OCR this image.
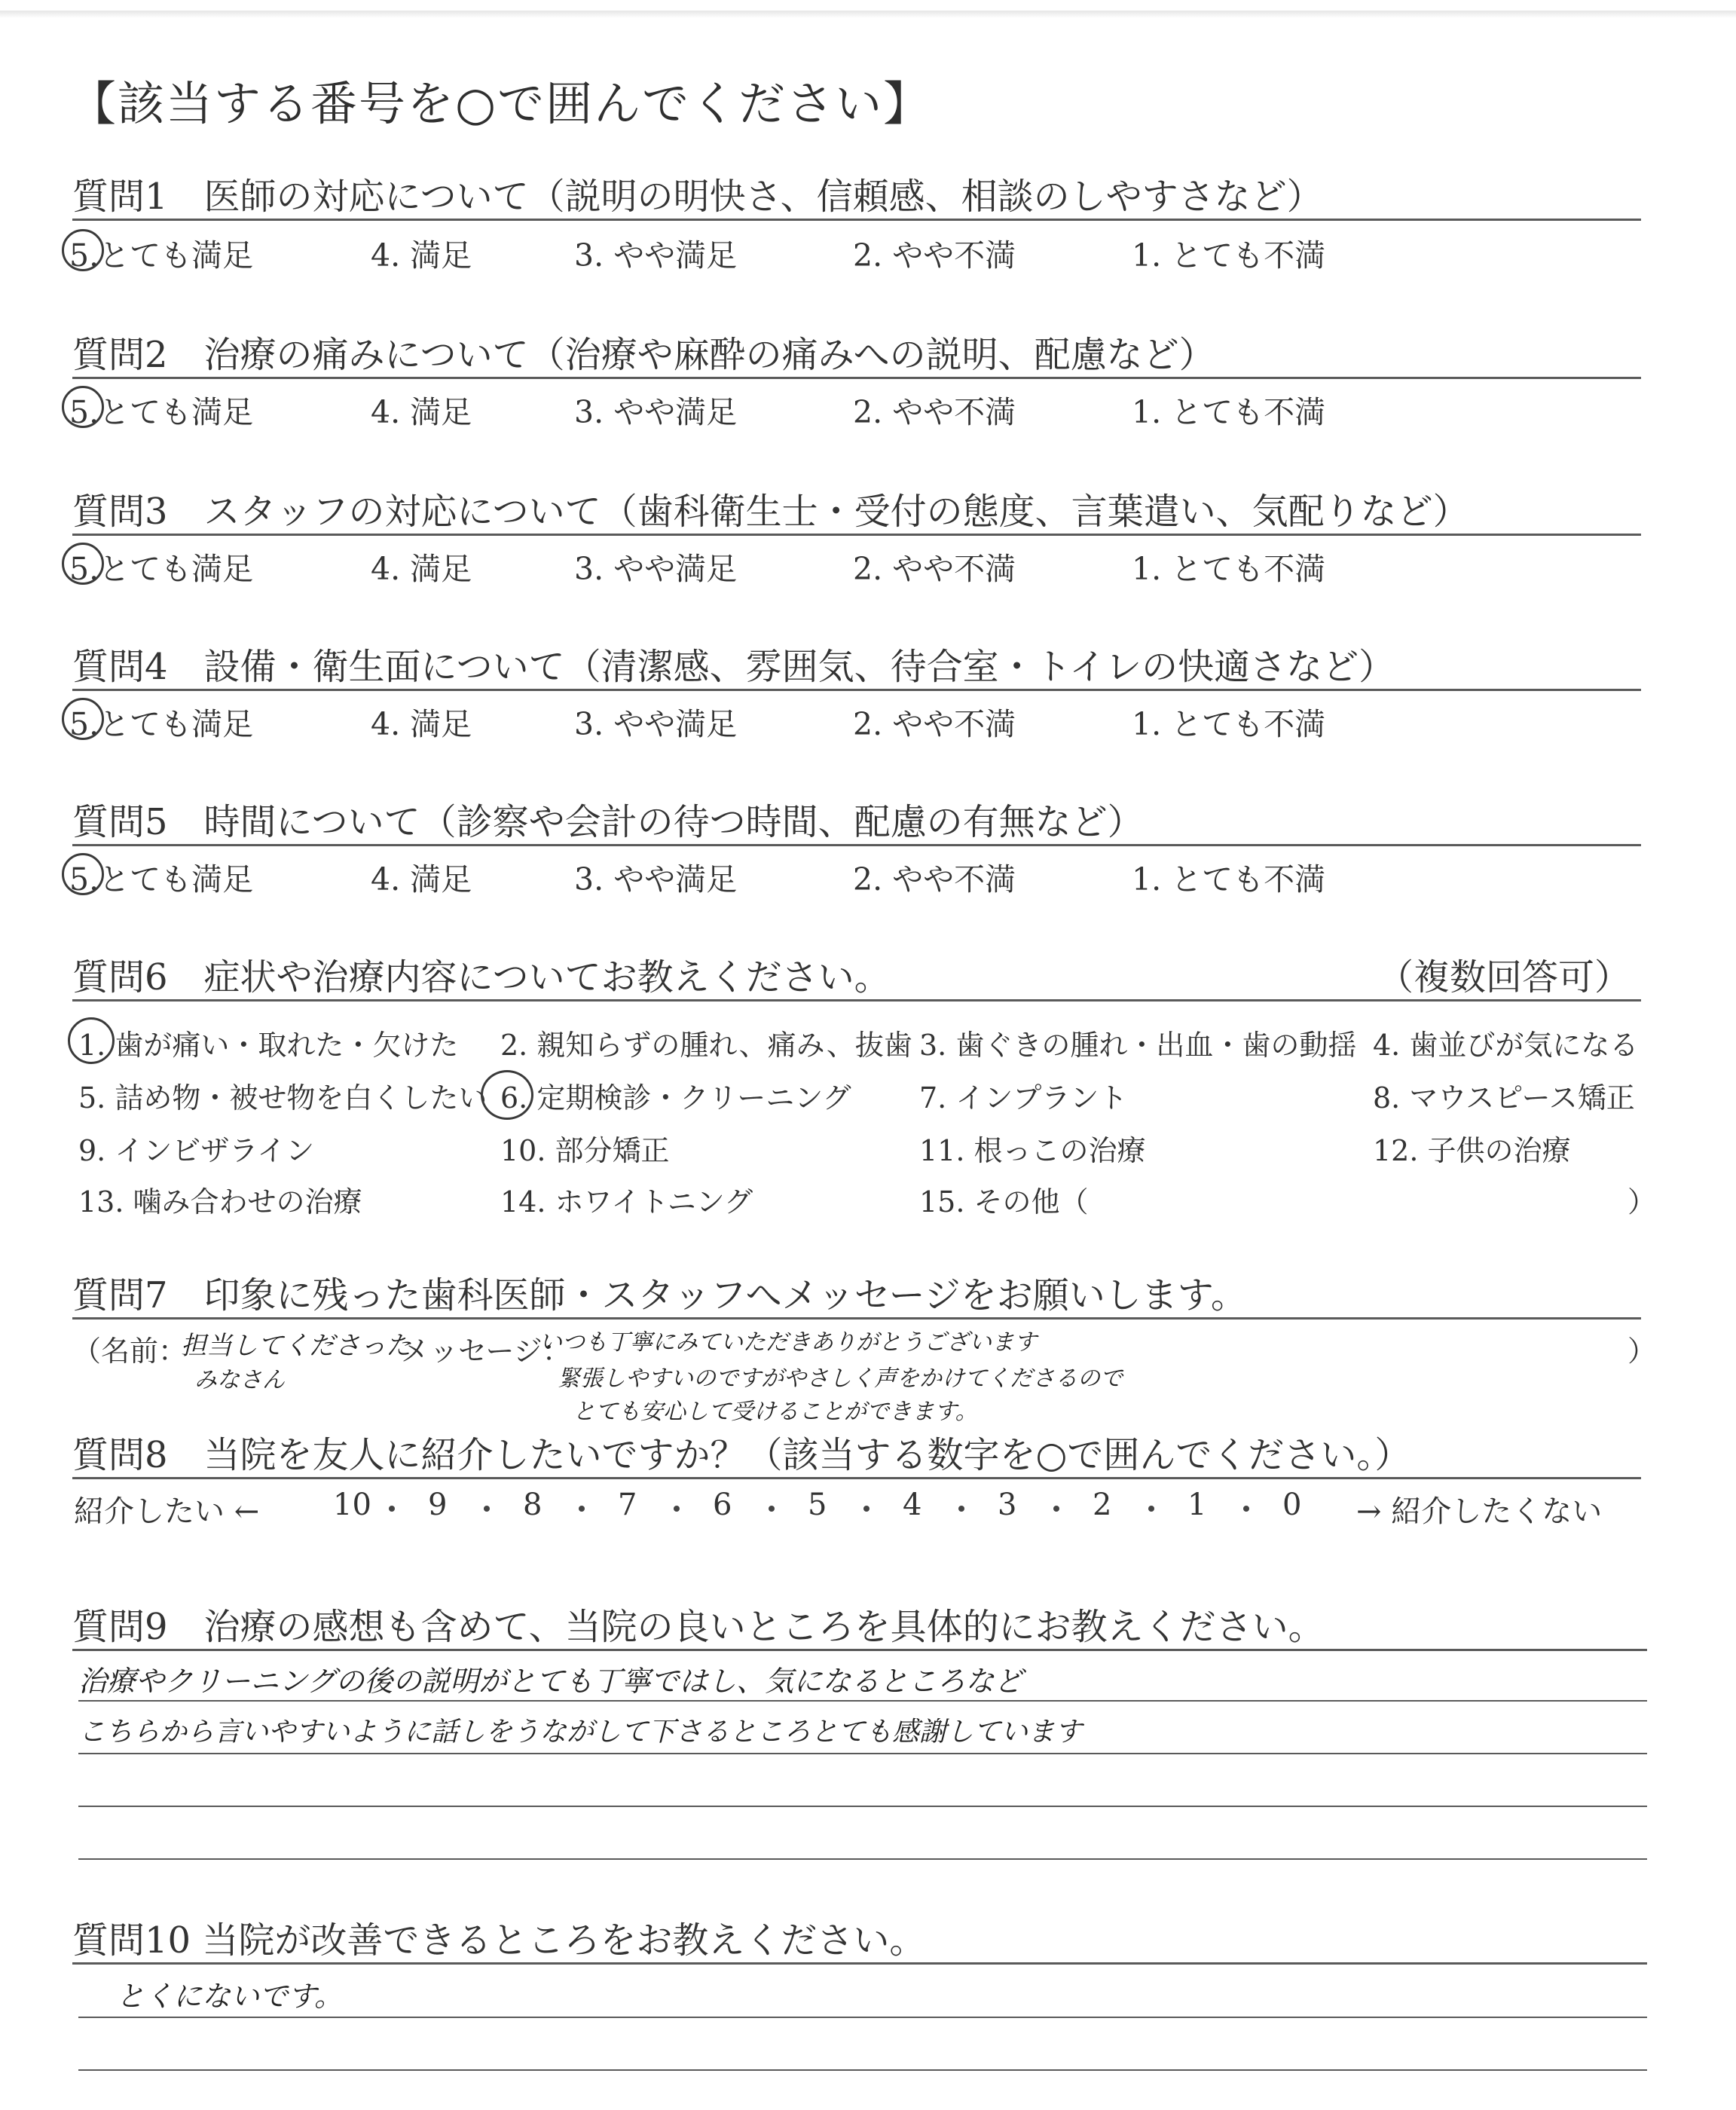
【該当する番号を○で囲んでください】
質問1　医師の対応について（説明の明快さ、信頼感、相談のしやすさなど）
5.とても満足	4. 満足	3. やや満足	2. やや不満	1. とても不満
質問2　治療の痛みについて（治療や麻酔の痛みへの説明、配慮など）
5.とても満足	4. 満足	3. やや満足	2. やや不満	1. とても不満
質問3　スタッフの対応について（歯科衛生士・受付の態度、言葉遣い、気配りなど）
5.とても満足	4. 満足	3. やや満足	2. やや不満	1. とても不満
質問4　設備・衛生面について（清潔感、雰囲気、待合室・トイレの快適さなど）
5.とても満足	4. 満足	3. やや満足	2. やや不満	1. とても不満
質問5　時間について（診察や会計の待つ時間、配慮の有無など）
5.とても満足	4. 満足	3. やや満足	2. やや不満	1. とても不満
質問6　症状や治療内容についてお教えください。	（複数回答可）
1. 歯が痛い・取れた・欠けた 2. 親知らずの腫れ、痛み、抜歯 3. 歯ぐきの腫れ・出血・歯の動揺 4. 歯並びが気になる
5. 詰め物・被せ物を白くしたい 6. 定期検診・クリーニング 7. インプラント	8. マウスピース矯正
9. インビザライン	10. 部分矯正	11. 根っこの治療	12. 子供の治療
13. 噛み合わせの治療	14. ホワイトニング	15. その他（	）
質問7　印象に残った歯科医師・スタッフへメッセージをお願いします。
（名前：
担当してくださった
みなさん
メッセージ：
いつも丁寧にみていただきありがとうございます
緊張しやすいのですがやさしく声をかけてくださるので
とても安心して受けることができます。
）
質問8　当院を友人に紹介したいですか？（該当する数字を○で囲んでください。）
紹介したい ←	→ 紹介したくない
10 9	8	7	6	5	4	3	2	1	0
質問9　治療の感想も含めて、当院の良いところを具体的にお教えください。
治療やクリーニングの後の説明がとても丁寧ではし、気になるところなど
こちらから言いやすいように話しをうながして下さるところとても感謝しています
質問10 当院が改善できるところをお教えください。
とくにないです。
